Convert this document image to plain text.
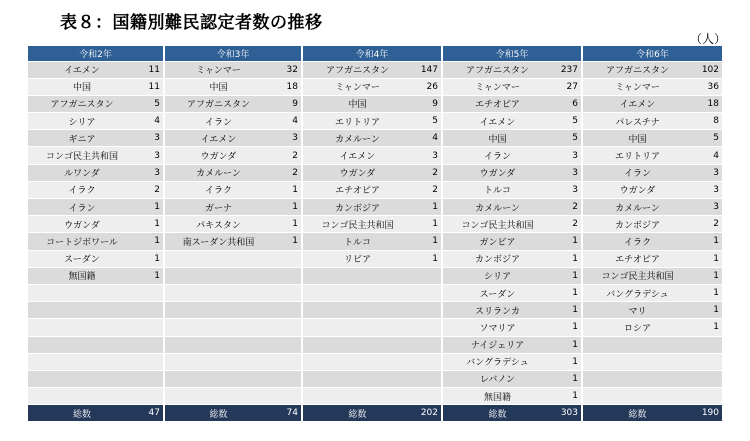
表８：国籍別難民認定者数の推移
（人）
令和2年		令和3年		令和4年		令和5年		令和6年	
イエメン	11	ミャンマー	32	アフガニスタン	147	アフガニスタン	237	アフガニスタン	102
中国	11	中国	18	ミャンマー	26	ミャンマー	27	ミャンマー	36
アフガニスタン	5	アフガニスタン	9	中国	9	エチオピア	6	イエメン	18
シリア	4	イラン	4	エリトリア	5	イエメン	5	パレスチナ	8
ギニア	3	イエメン	3	カメルーン	4	中国	5	中国	5
コンゴ民主共和国	3	ウガンダ	2	イエメン	3	イラン	3	エリトリア	4
ルワンダ	3	カメルーン	2	ウガンダ	2	ウガンダ	3	イラン	3
イラク	2	イラク	1	エチオピア	2	トルコ	3	ウガンダ	3
イラン	1	ガーナ	1	カンボジア	1	カメルーン	2	カメルーン	3
ウガンダ	1	パキスタン	1	コンゴ民主共和国	1	コンゴ民主共和国	2	カンボジア	2
コートジボワール	1	南スーダン共和国	1	トルコ	1	ガンビア	1	イラク	1
スーダン	1			リビア	1	カンボジア	1	エチオピア	1
無国籍	1					シリア	1	コンゴ民主共和国	1
						スーダン	1	バングラデシュ	1
						スリランカ	1	マリ	1
						ソマリア	1	ロシア	1
						ナイジェリア	1		
						バングラデシュ	1		
						レバノン	1		
						無国籍	1		
総数	47	総数	74	総数	202	総数	303	総数	190
